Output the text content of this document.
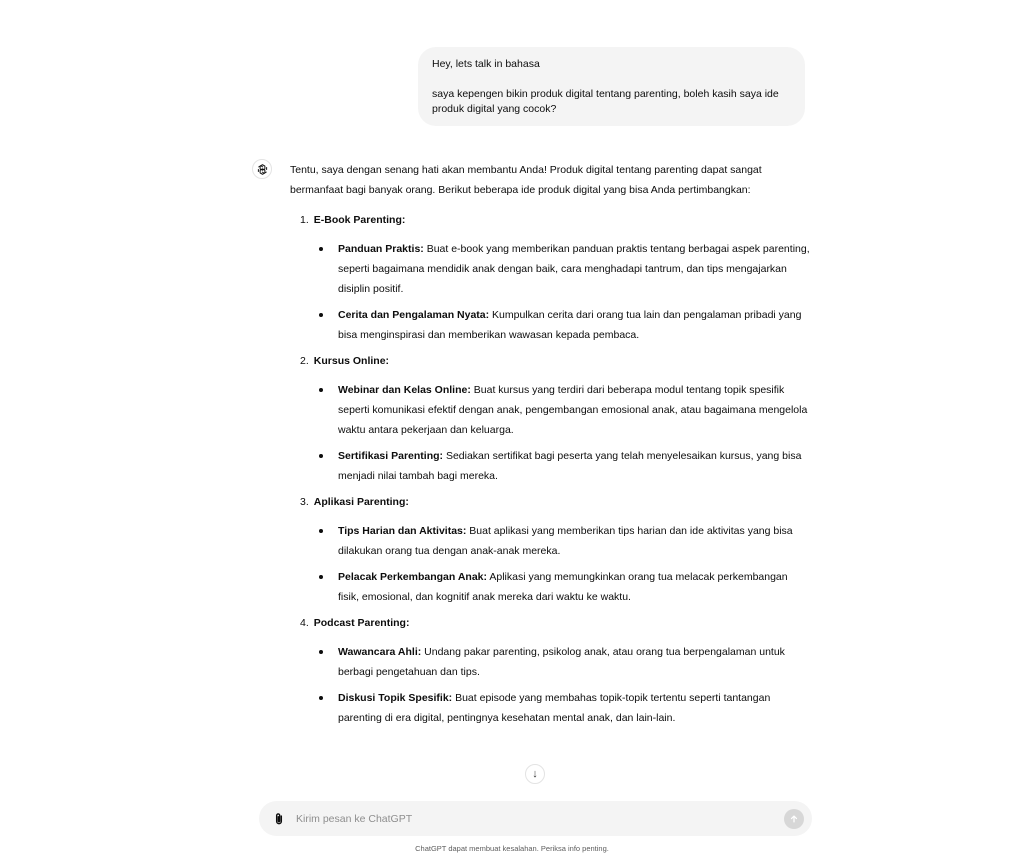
Hey, lets talk in bahasa

saya kepengen bikin produk digital tentang parenting, boleh kasih saya ide produk digital yang cocok?

Tentu, saya dengan senang hati akan membantu Anda! Produk digital tentang parenting dapat sangat bermanfaat bagi banyak orang. Berikut beberapa ide produk digital yang bisa Anda pertimbangkan:

1. E-Book Parenting:
Panduan Praktis: Buat e-book yang memberikan panduan praktis tentang berbagai aspek parenting, seperti bagaimana mendidik anak dengan baik, cara menghadapi tantrum, dan tips mengajarkan disiplin positif.
Cerita dan Pengalaman Nyata: Kumpulkan cerita dari orang tua lain dan pengalaman pribadi yang bisa menginspirasi dan memberikan wawasan kepada pembaca.
2. Kursus Online:
Webinar dan Kelas Online: Buat kursus yang terdiri dari beberapa modul tentang topik spesifik seperti komunikasi efektif dengan anak, pengembangan emosional anak, atau bagaimana mengelola waktu antara pekerjaan dan keluarga.
Sertifikasi Parenting: Sediakan sertifikat bagi peserta yang telah menyelesaikan kursus, yang bisa menjadi nilai tambah bagi mereka.
3. Aplikasi Parenting:
Tips Harian dan Aktivitas: Buat aplikasi yang memberikan tips harian dan ide aktivitas yang bisa dilakukan orang tua dengan anak-anak mereka.
Pelacak Perkembangan Anak: Aplikasi yang memungkinkan orang tua melacak perkembangan fisik, emosional, dan kognitif anak mereka dari waktu ke waktu.
4. Podcast Parenting:
Wawancara Ahli: Undang pakar parenting, psikolog anak, atau orang tua berpengalaman untuk berbagi pengetahuan dan tips.
Diskusi Topik Spesifik: Buat episode yang membahas topik-topik tertentu seperti tantangan parenting di era digital, pentingnya kesehatan mental anak, dan lain-lain.
↓
Kirim pesan ke ChatGPT
ChatGPT dapat membuat kesalahan. Periksa info penting.
